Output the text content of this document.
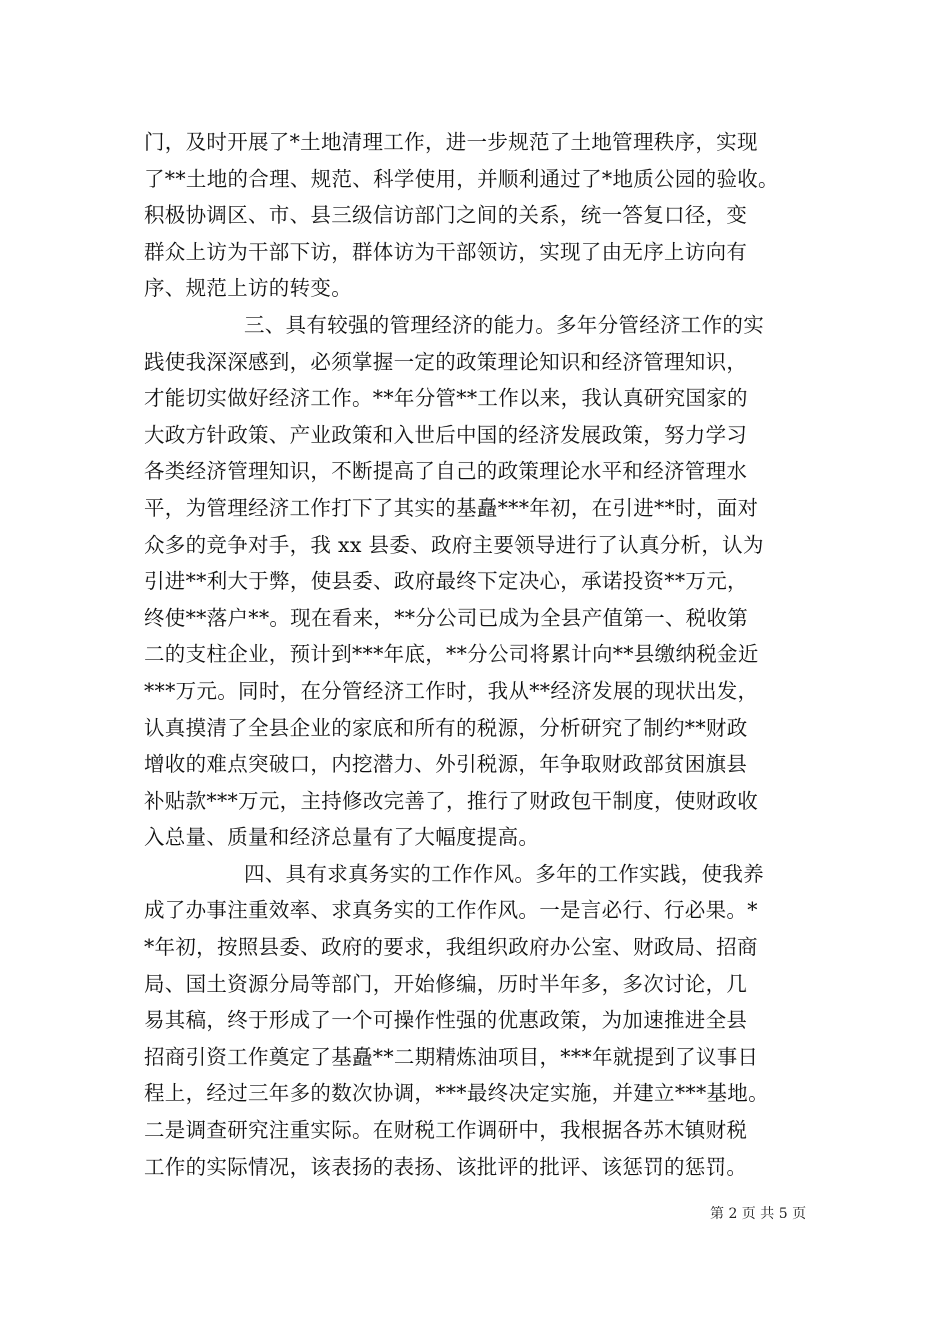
门，及时开展了*土地清理工作，进一步规范了土地管理秩序，实现
了**土地的合理、规范、科学使用，并顺利通过了*地质公园的验收。
积极协调区、市、县三级信访部门之间的关系，统一答复口径，变
群众上访为干部下访，群体访为干部领访，实现了由无序上访向有
序、规范上访的转变。
三、具有较强的管理经济的能力。多年分管经济工作的实
践使我深深感到，必须掌握一定的政策理论知识和经济管理知识，
才能切实做好经济工作。**年分管**工作以来，我认真研究国家的
大政方针政策、产业政策和入世后中国的经济发展政策，努力学习
各类经济管理知识，不断提高了自己的政策理论水平和经济管理水
平，为管理经济工作打下了其实的基矗***年初，在引进**时，面对
众多的竞争对手，我 xx 县委、政府主要领导进行了认真分析，认为
引进**利大于弊，使县委、政府最终下定决心，承诺投资**万元，
终使**落户**。现在看来，**分公司已成为全县产值第一、税收第
二的支柱企业，预计到***年底，**分公司将累计向**县缴纳税金近
***万元。同时，在分管经济工作时，我从**经济发展的现状出发，
认真摸清了全县企业的家底和所有的税源，分析研究了制约**财政
增收的难点突破口，内挖潜力、外引税源，年争取财政部贫困旗县
补贴款***万元，主持修改完善了，推行了财政包干制度，使财政收
入总量、质量和经济总量有了大幅度提高。
四、具有求真务实的工作作风。多年的工作实践，使我养
成了办事注重效率、求真务实的工作作风。一是言必行、行必果。*
*年初，按照县委、政府的要求，我组织政府办公室、财政局、招商
局、国土资源分局等部门，开始修编，历时半年多，多次讨论，几
易其稿，终于形成了一个可操作性强的优惠政策，为加速推进全县
招商引资工作奠定了基矗**二期精炼油项目，***年就提到了议事日
程上，经过三年多的数次协调，***最终决定实施，并建立***基地。
二是调查研究注重实际。在财税工作调研中，我根据各苏木镇财税
工作的实际情况，该表扬的表扬、该批评的批评、该惩罚的惩罚。
第 2 页 共 5 页
